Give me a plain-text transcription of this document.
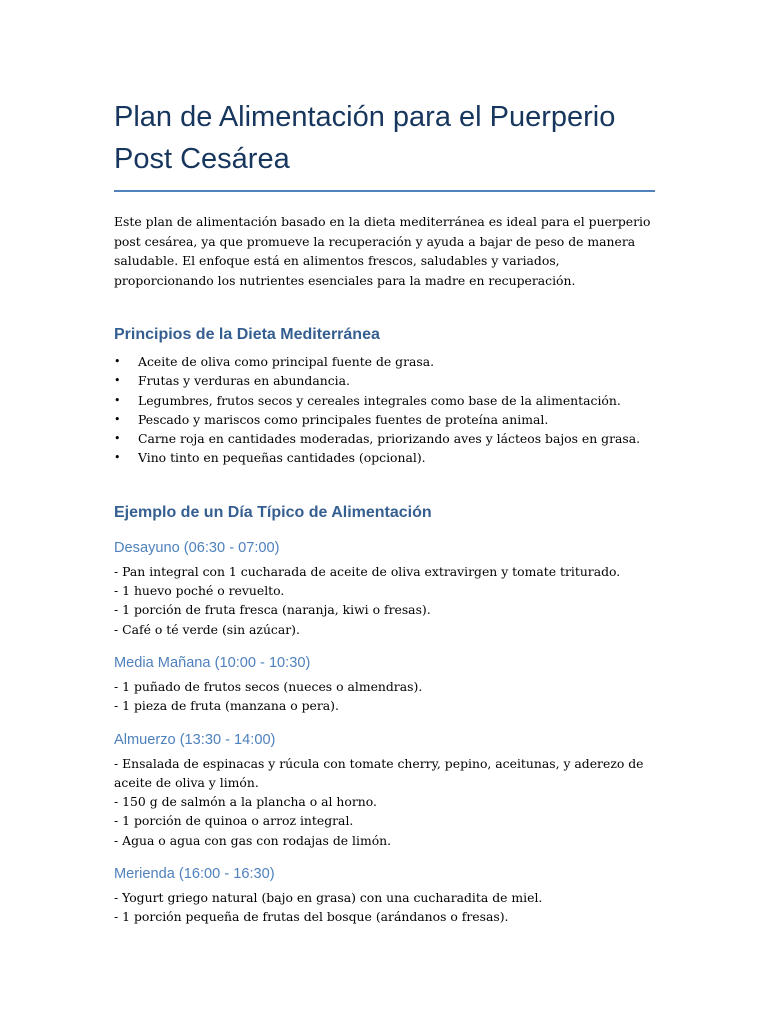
Plan de Alimentación para el Puerperio Post Cesárea

Este plan de alimentación basado en la dieta mediterránea es ideal para el puerperio post cesárea, ya que promueve la recuperación y ayuda a bajar de peso de manera saludable. El enfoque está en alimentos frescos, saludables y variados, proporcionando los nutrientes esenciales para la madre en recuperación.

Principios de la Dieta Mediterránea
• Aceite de oliva como principal fuente de grasa.
• Frutas y verduras en abundancia.
• Legumbres, frutos secos y cereales integrales como base de la alimentación.
• Pescado y mariscos como principales fuentes de proteína animal.
• Carne roja en cantidades moderadas, priorizando aves y lácteos bajos en grasa.
• Vino tinto en pequeñas cantidades (opcional).
Ejemplo de un Día Típico de Alimentación
Desayuno (06:30 - 07:00)

- Pan integral con 1 cucharada de aceite de oliva extravirgen y tomate triturado.

- 1 huevo poché o revuelto.

- 1 porción de fruta fresca (naranja, kiwi o fresas).

- Café o té verde (sin azúcar).

Media Mañana (10:00 - 10:30)

- 1 puñado de frutos secos (nueces o almendras).

- 1 pieza de fruta (manzana o pera).

Almuerzo (13:30 - 14:00)

- Ensalada de espinacas y rúcula con tomate cherry, pepino, aceitunas, y aderezo de aceite de oliva y limón.

- 150 g de salmón a la plancha o al horno.

- 1 porción de quinoa o arroz integral.

- Agua o agua con gas con rodajas de limón.

Merienda (16:00 - 16:30)

- Yogurt griego natural (bajo en grasa) con una cucharadita de miel.

- 1 porción pequeña de frutas del bosque (arándanos o fresas).
